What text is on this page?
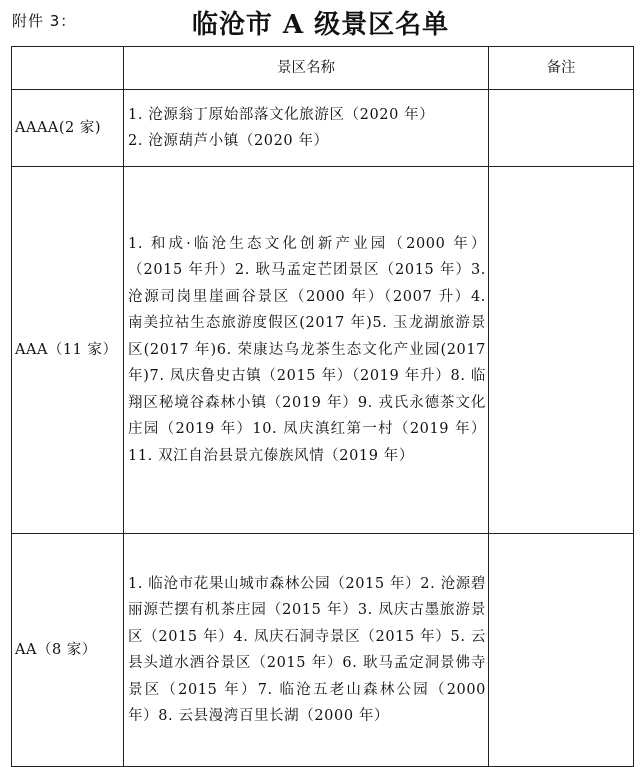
附件 3：	临沧市 A 级景区名单
	景区名称	备注
AAAA(2 家)	1. 沧源翁丁原始部落文化旅游区（2020 年）
2. 沧源葫芦小镇（2020 年）	

AAA（11 家）	1. 和成·临沧生态文化创新产业园（2000 年）（2015 年升）2. 耿马孟定芒团景区（2015 年）3. 沧源司岗里崖画谷景区（2000 年）（2007 升）4. 南美拉祜生态旅游度假区(2017 年)5. 玉龙湖旅游景区(2017 年)6. 荣康达乌龙茶生态文化产业园(2017 年)7. 凤庆鲁史古镇（2015 年）（2019 年升）8. 临翔区秘境谷森林小镇（2019 年）9. 戎氏永德茶文化庄园（2019 年）10. 凤庆滇红第一村（2019 年）11. 双江自治县景亢傣族风情（2019 年）	
AA（8 家）	1. 临沧市花果山城市森林公园（2015 年）2. 沧源碧丽源芒摆有机茶庄园（2015 年）3. 凤庆古墨旅游景区（2015 年）4. 凤庆石洞寺景区（2015 年）5. 云县头道水酒谷景区（2015 年）6. 耿马孟定洞景佛寺景区（2015 年）7. 临沧五老山森林公园（2000 年）8. 云县漫湾百里长湖（2000 年）	
